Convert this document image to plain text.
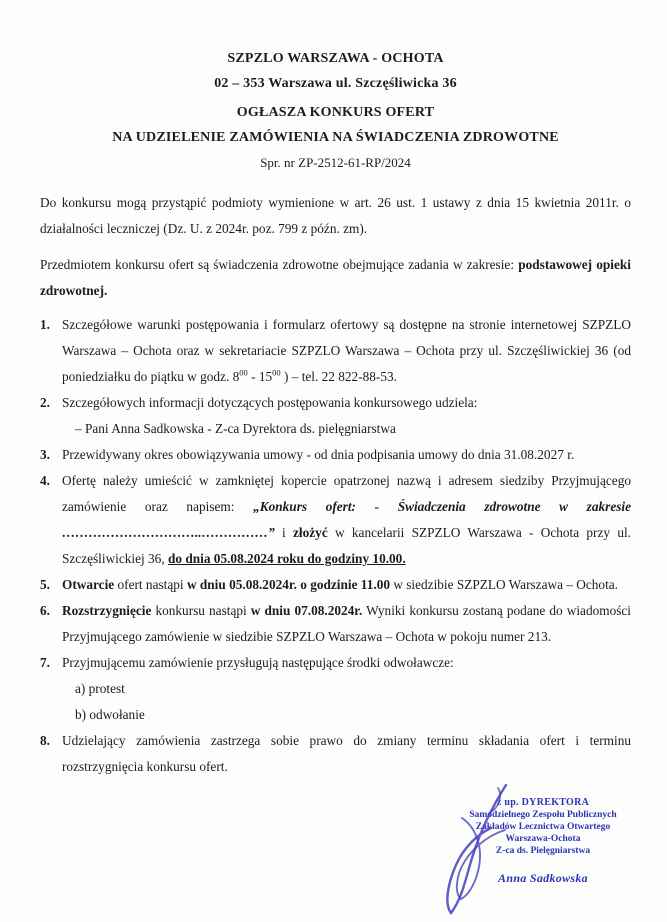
SZPZLO WARSZAWA - OCHOTA
02 – 353 Warszawa ul. Szczęśliwicka 36
OGŁASZA KONKURS OFERT
NA UDZIELENIE ZAMÓWIENIA NA ŚWIADCZENIA ZDROWOTNE
Spr. nr ZP-2512-61-RP/2024
Do konkursu mogą przystąpić podmioty wymienione w art. 26 ust. 1 ustawy z dnia 15 kwietnia 2011r. o działalności leczniczej (Dz. U. z 2024r. poz. 799 z późn. zm).
Przedmiotem konkursu ofert są świadczenia zdrowotne obejmujące zadania w zakresie: podstawowej opieki zdrowotnej.
1. Szczegółowe warunki postępowania i formularz ofertowy są dostępne na stronie internetowej SZPZLO Warszawa – Ochota oraz w sekretariacie SZPZLO Warszawa – Ochota przy ul. Szczęśliwickiej 36 (od poniedziałku do piątku w godz. $8^{00} - 15^{00}$ ) – tel. 22 822-88-53.
2. Szczegółowych informacji dotyczących postępowania konkursowego udziela:
– Pani Anna Sadkowska - Z-ca Dyrektora ds. pielęgniarstwa
3. Przewidywany okres obowiązywania umowy - od dnia podpisania umowy do dnia 31.08.2027 r.
4. Ofertę należy umieścić w zamkniętej kopercie opatrzonej nazwą i adresem siedziby Przyjmującego zamówienie oraz napisem: „Konkurs ofert: - Świadczenia zdrowotne w zakresie …………………………..……………” i złożyć w kancelarii SZPZLO Warszawa - Ochota przy ul. Szczęśliwickiej 36, do dnia 05.08.2024 roku do godziny 10.00.
5. Otwarcie ofert nastąpi w dniu 05.08.2024r. o godzinie 11.00 w siedzibie SZPZLO Warszawa – Ochota.
6. Rozstrzygnięcie konkursu nastąpi w dniu 07.08.2024r. Wyniki konkursu zostaną podane do wiadomości Przyjmującego zamówienie w siedzibie SZPZLO Warszawa – Ochota w pokoju numer 213.
7. Przyjmującemu zamówienie przysługują następujące środki odwoławcze:
a) protest
b) odwołanie
8. Udzielający zamówienia zastrzega sobie prawo do zmiany terminu składania ofert i terminu rozstrzygnięcia konkursu ofert.
z up. DYREKTORA
Samodzielnego Zespołu Publicznych
Zakładów Lecznictwa Otwartego
Warszawa-Ochota
Z-ca ds. Pielęgniarstwa
Anna Sadkowska
